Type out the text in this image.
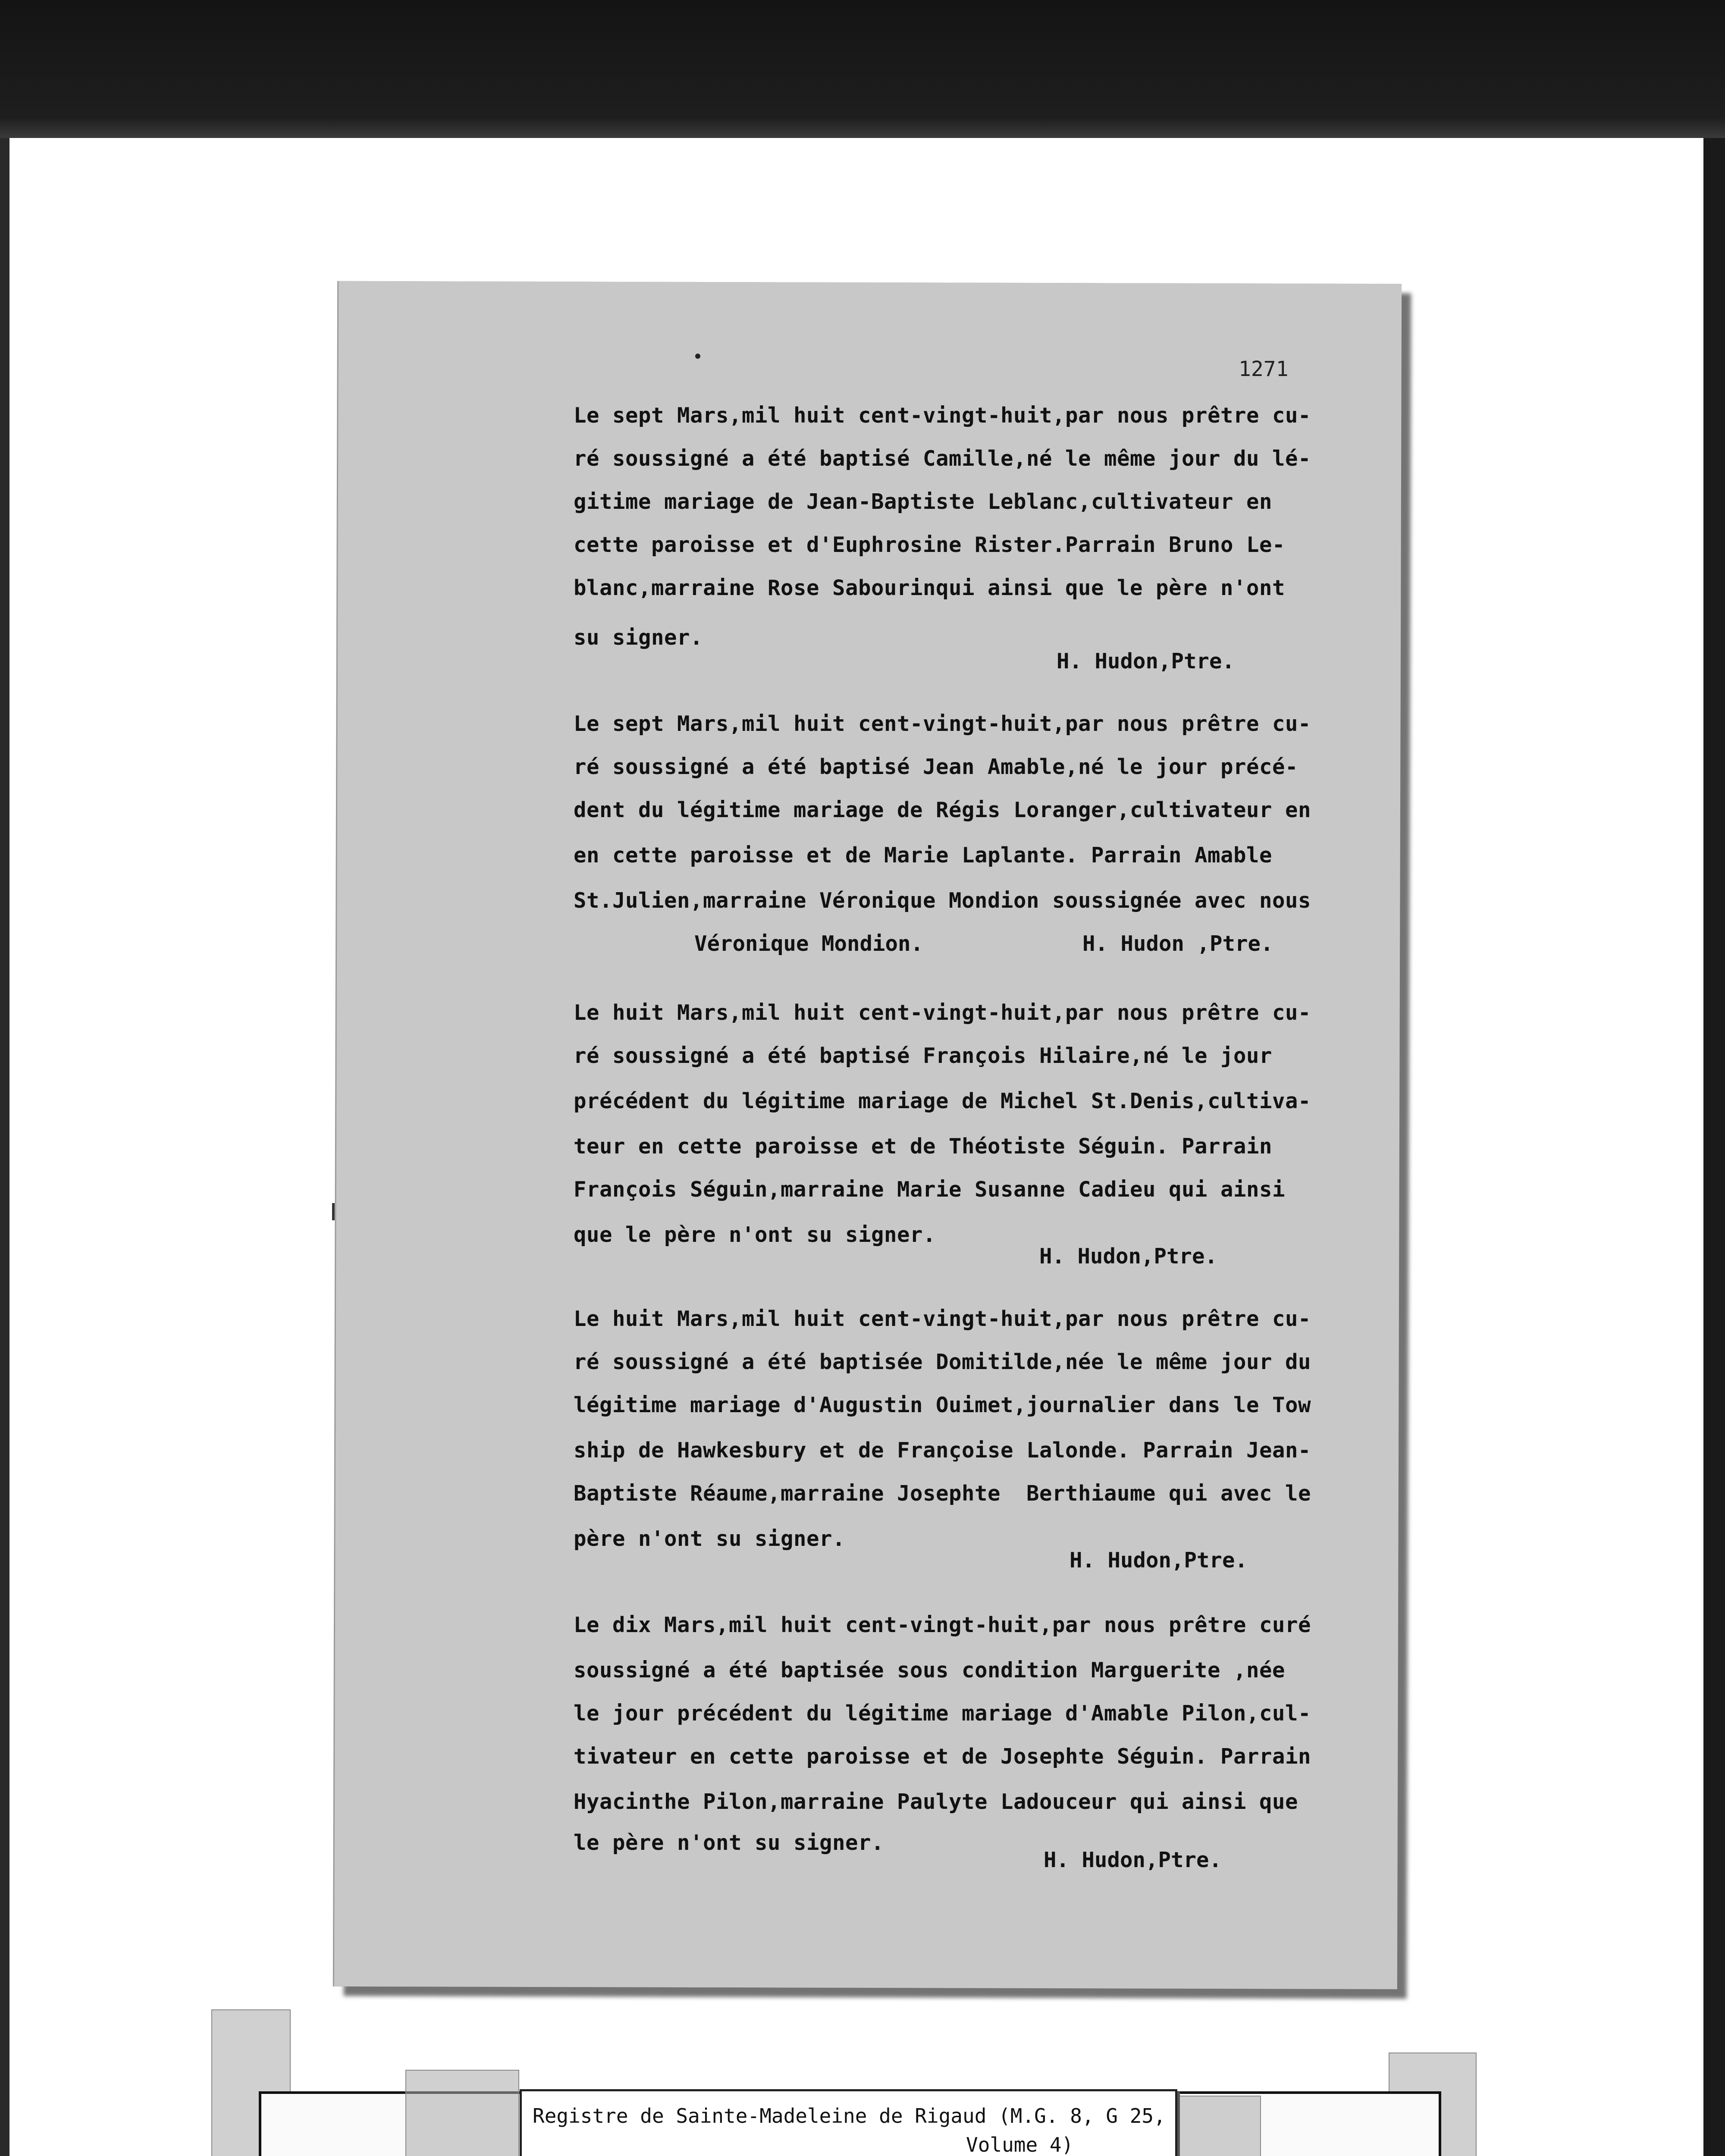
1271

Le sept Mars,mil huit cent-vingt-huit,par nous prêtre cu-

ré soussigné a été baptisé Camille,né le même jour du lé-

gitime mariage de Jean-Baptiste Leblanc,cultivateur en

cette paroisse et d'Euphrosine Rister.Parrain Bruno Le-

blanc,marraine Rose Sabourinqui ainsi que le père n'ont

su signer.

H. Hudon,Ptre.

Le sept Mars,mil huit cent-vingt-huit,par nous prêtre cu-

ré soussigné a été baptisé Jean Amable,né le jour précé-

dent du légitime mariage de Régis Loranger,cultivateur en

en cette paroisse et de Marie Laplante. Parrain Amable

St.Julien,marraine Véronique Mondion soussignée avec nous

Véronique Mondion.	H. Hudon ,Ptre.

Le huit Mars,mil huit cent-vingt-huit,par nous prêtre cu-

ré soussigné a été baptisé François Hilaire,né le jour

précédent du légitime mariage de Michel St.Denis,cultiva-

teur en cette paroisse et de Théotiste Séguin. Parrain

François Séguin,marraine Marie Susanne Cadieu qui ainsi

que le père n'ont su signer.

H. Hudon,Ptre.

Le huit Mars,mil huit cent-vingt-huit,par nous prêtre cu-

ré soussigné a été baptisée Domitilde,née le même jour du

légitime mariage d'Augustin Ouimet,journalier dans le Tow

ship de Hawkesbury et de Françoise Lalonde. Parrain Jean-

Baptiste Réaume,marraine Josephte  Berthiaume qui avec le

père n'ont su signer.

H. Hudon,Ptre.

Le dix Mars,mil huit cent-vingt-huit,par nous prêtre curé

soussigné a été baptisée sous condition Marguerite ,née

le jour précédent du légitime mariage d'Amable Pilon,cul-

tivateur en cette paroisse et de Josephte Séguin. Parrain

Hyacinthe Pilon,marraine Paulyte Ladouceur qui ainsi que

le père n'ont su signer.

H. Hudon,Ptre.

Registre de Sainte-Madeleine de Rigaud (M.G. 8, G 25,

Volume 4)
